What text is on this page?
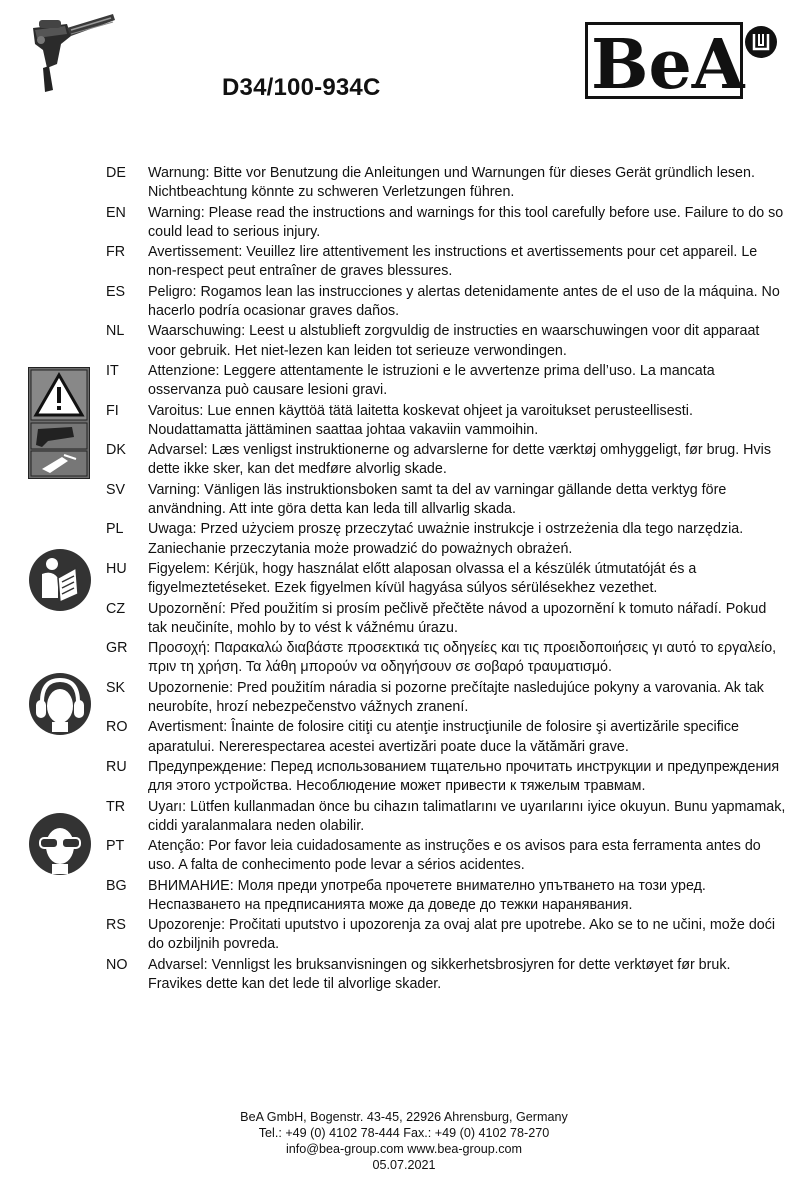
D34/100-934C	BeA
DE Warnung: Bitte vor Benutzung die Anleitungen und Warnungen für dieses Gerät gründlich lesen. Nichtbeachtung könnte zu schweren Verletzungen führen.
EN Warning: Please read the instructions and warnings for this tool carefully before use. Failure to do so could lead to serious injury.
FR Avertissement: Veuillez lire attentivement les instructions et avertissements pour cet appareil. Le non-respect peut entraîner de graves blessures.
ES Peligro: Rogamos lean las instrucciones y alertas detenidamente antes de el uso de la máquina. No hacerlo podría ocasionar graves daños.
NL Waarschuwing: Leest u alstublieft zorgvuldig de instructies en waarschuwingen voor dit apparaat voor gebruik. Het niet-lezen kan leiden tot serieuze verwondingen.
IT Attenzione: Leggere attentamente le istruzioni e le avvertenze prima dell’uso. La mancata osservanza può causare lesioni gravi.
FI Varoitus: Lue ennen käyttöä tätä laitetta koskevat ohjeet ja varoitukset perusteellisesti. Noudattamatta jättäminen saattaa johtaa vakaviin vammoihin.
DK Advarsel: Læs venligst instruktionerne og advarslerne for dette værktøj omhyggeligt, før brug. Hvis dette ikke sker, kan det medføre alvorlig skade.
SV Varning: Vänligen läs instruktionsboken samt ta del av varningar gällande detta verktyg före användning. Att inte göra detta kan leda till allvarlig skada.
PL Uwaga: Przed użyciem proszę przeczytać uważnie instrukcje i ostrzeżenia dla tego narzędzia. Zaniechanie przeczytania może prowadzić do poważnych obrażeń.
HU Figyelem: Kérjük, hogy használat előtt alaposan olvassa el a készülék útmutatóját és a figyelmeztetéseket. Ezek figyelmen kívül hagyása súlyos sérülésekhez vezethet.
CZ Upozornění: Před použitím si prosím pečlivě přečtěte návod a upozornění k tomuto nářadí. Pokud tak neučiníte, mohlo by to vést k vážnému úrazu.
GR Προσοχή: Παρακαλώ διαβάστε προσεκτικά τις οδηγείες και τις προειδοποιήσεις γι αυτό το εργαλείο, πριν τη χρήση. Τα λάθη μπορούν να οδηγήσουν σε σοβαρό τραυματισμό.
SK Upozornenie: Pred použitím náradia si pozorne prečítajte nasledujúce pokyny a varovania. Ak tak neurobíte, hrozí nebezpečenstvo vážnych zranení.
RO Avertisment: Înainte de folosire citiţi cu atenţie instrucţiunile de folosire şi avertizările specifice aparatului. Nererespectarea acestei avertizări poate duce la vătămări grave.
RU Предупреждение: Перед использованием тщательно прочитать инструкции и предупреждения для этого устройства. Несоблюдение может привести к тяжелым травмам.
TR Uyarı: Lütfen kullanmadan önce bu cihazın talimatlarını ve uyarılarını iyice okuyun. Bunu yapmamak, ciddi yaralanmalara neden olabilir.
PT Atenção: Por favor leia cuidadosamente as instruções e os avisos para esta ferramenta antes do uso. A falta de conhecimento pode levar a sérios acidentes.
BG ВНИМАНИЕ: Моля преди употреба прочетете внимателно упътването на този уред. Неспазването на предписанията може да доведе до тежки наранявания.
RS Upozorenje: Pročitati uputstvo i upozorenja za ovaj alat pre upotrebe. Ako se to ne učini, može doći do ozbiljnih povreda.
NO Advarsel: Vennligst les bruksanvisningen og sikkerhetsbrosjyren for dette verktøyet før bruk. Fravikes dette kan det lede til alvorlige skader.
BeA GmbH, Bogenstr. 43-45, 22926 Ahrensburg, Germany
Tel.: +49 (0) 4102 78-444 Fax.: +49 (0) 4102 78-270
info@bea-group.com www.bea-group.com
05.07.2021
